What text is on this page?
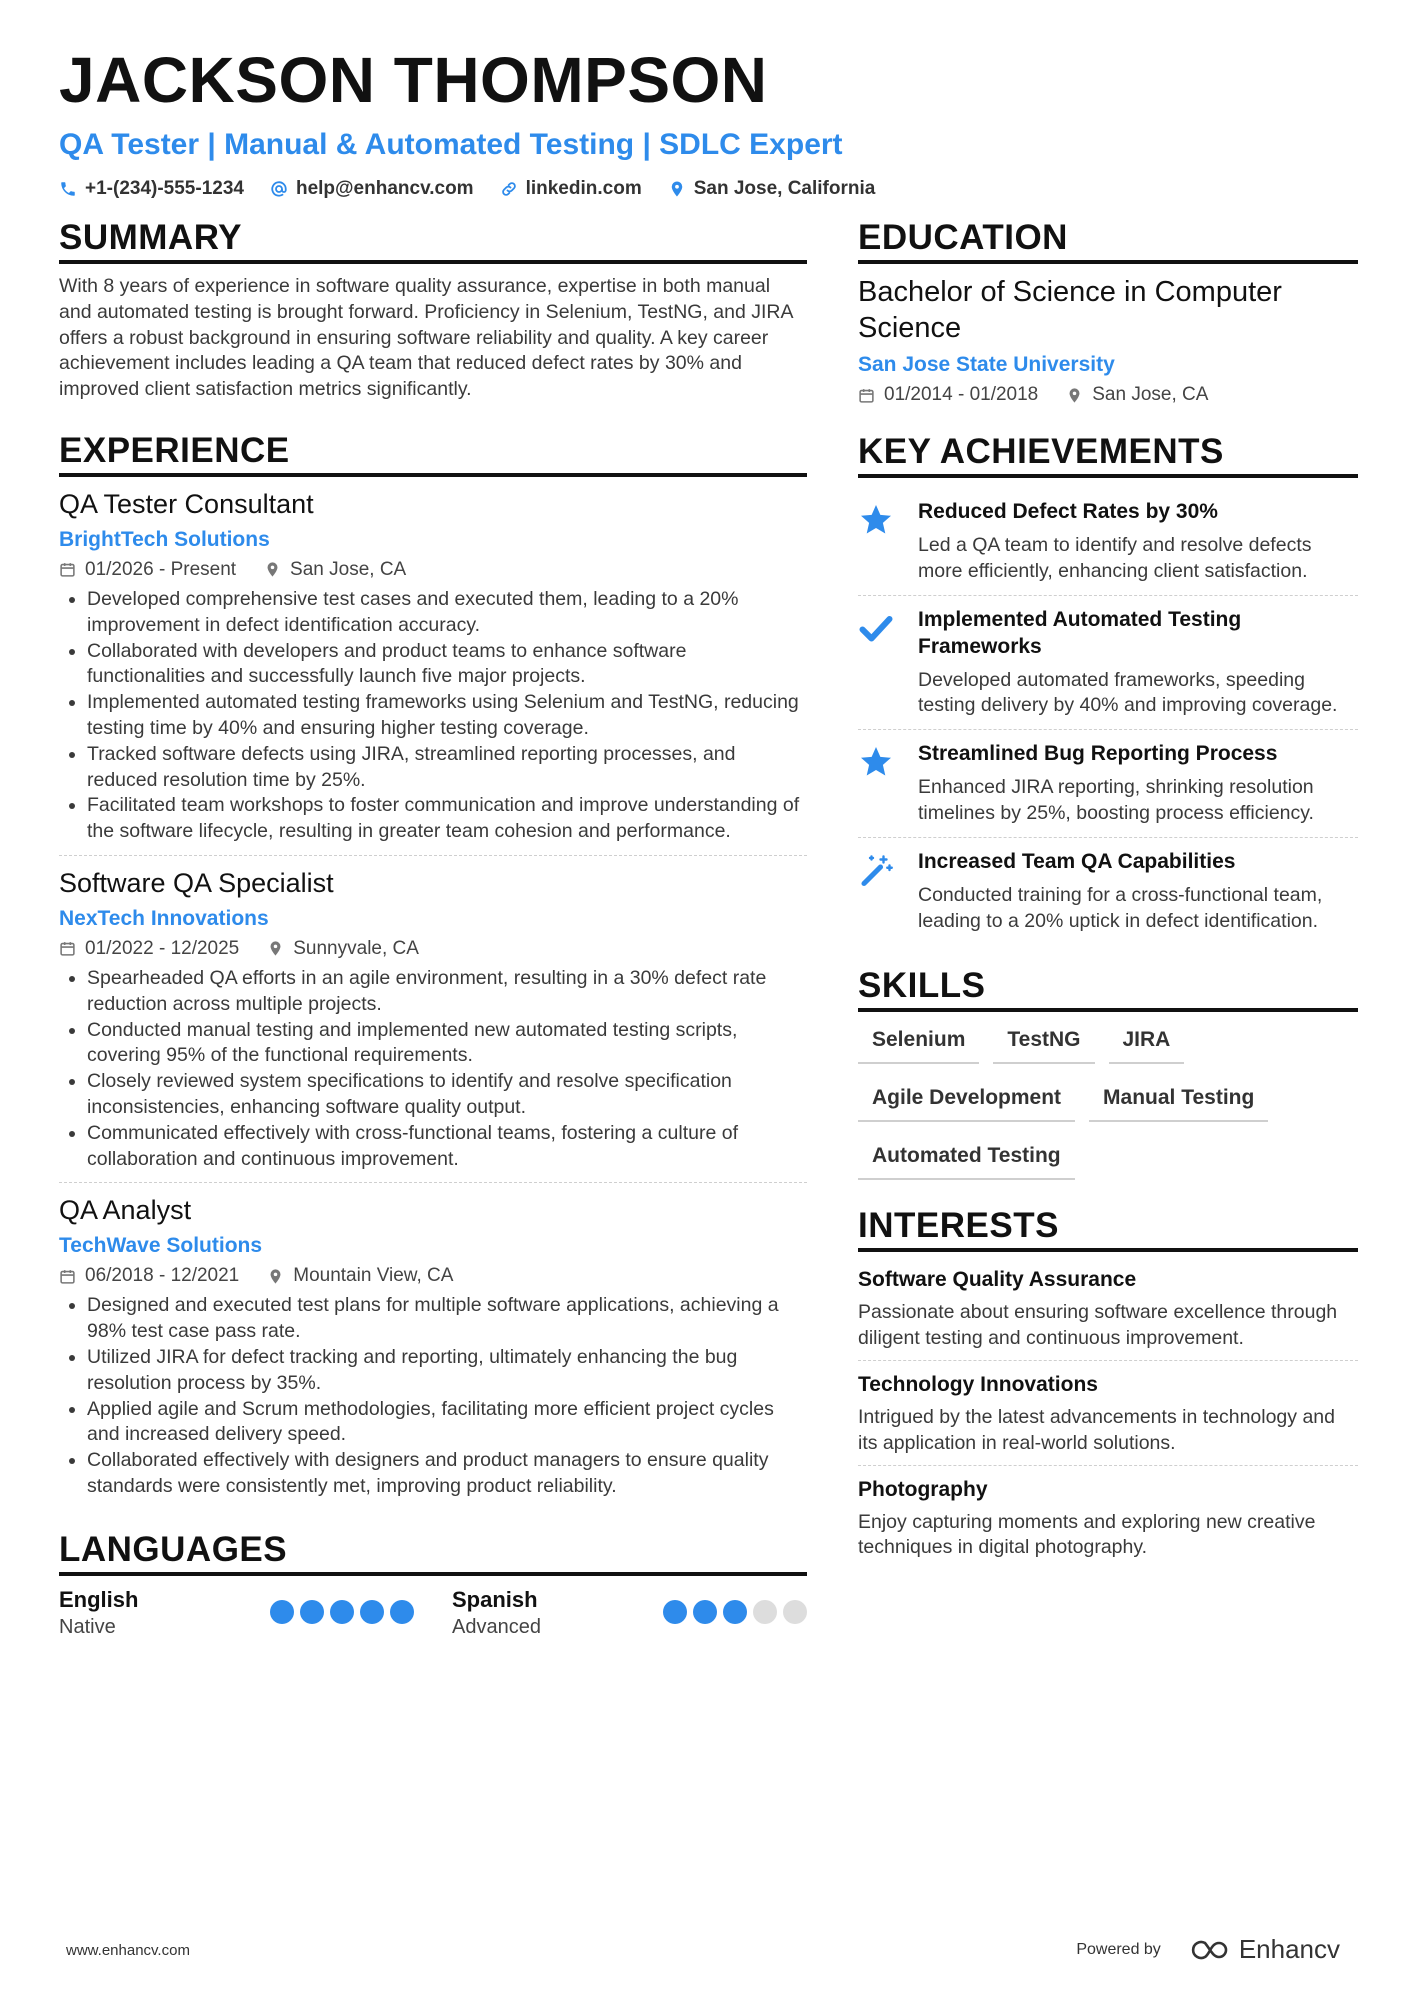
JACKSON THOMPSON
QA Tester | Manual & Automated Testing | SDLC Expert
+1-(234)-555-1234	help@enhancv.com	linkedin.com	San Jose, California
SUMMARY

With 8 years of experience in software quality assurance, expertise in both manual and automated testing is brought forward. Proficiency in Selenium, TestNG, and JIRA offers a robust background in ensuring software reliability and quality. A key career achievement includes leading a QA team that reduced defect rates by 30% and improved client satisfaction metrics significantly.

EXPERIENCE
QA Tester Consultant
BrightTech Solutions
01/2026 - Present	San Jose, CA
• Developed comprehensive test cases and executed them, leading to a 20% improvement in defect identification accuracy.
• Collaborated with developers and product teams to enhance software functionalities and successfully launch five major projects.
• Implemented automated testing frameworks using Selenium and TestNG, reducing testing time by 40% and ensuring higher testing coverage.
• Tracked software defects using JIRA, streamlined reporting processes, and reduced resolution time by 25%.
• Facilitated team workshops to foster communication and improve understanding of the software lifecycle, resulting in greater team cohesion and performance.
Software QA Specialist
NexTech Innovations
01/2022 - 12/2025	Sunnyvale, CA
• Spearheaded QA efforts in an agile environment, resulting in a 30% defect rate reduction across multiple projects.
• Conducted manual testing and implemented new automated testing scripts, covering 95% of the functional requirements.
• Closely reviewed system specifications to identify and resolve specification inconsistencies, enhancing software quality output.
• Communicated effectively with cross-functional teams, fostering a culture of collaboration and continuous improvement.
QA Analyst
TechWave Solutions
06/2018 - 12/2021	Mountain View, CA
• Designed and executed test plans for multiple software applications, achieving a 98% test case pass rate.
• Utilized JIRA for defect tracking and reporting, ultimately enhancing the bug resolution process by 35%.
• Applied agile and Scrum methodologies, facilitating more efficient project cycles and increased delivery speed.
• Collaborated effectively with designers and product managers to ensure quality standards were consistently met, improving product reliability.
LANGUAGES
English
Native
Spanish
Advanced
EDUCATION
Bachelor of Science in Computer Science
San Jose State University
01/2014 - 01/2018	San Jose, CA
KEY ACHIEVEMENTS
Reduced Defect Rates by 30%
Led a QA team to identify and resolve defects more efficiently, enhancing client satisfaction.
Implemented Automated Testing Frameworks
Developed automated frameworks, speeding testing delivery by 40% and improving coverage.
Streamlined Bug Reporting Process
Enhanced JIRA reporting, shrinking resolution timelines by 25%, boosting process efficiency.
Increased Team QA Capabilities
Conducted training for a cross-functional team, leading to a 20% uptick in defect identification.
SKILLS
Selenium	TestNG	JIRA
Agile Development	Manual Testing
Automated Testing
INTERESTS
Software Quality Assurance
Passionate about ensuring software excellence through diligent testing and continuous improvement.
Technology Innovations
Intrigued by the latest advancements in technology and its application in real-world solutions.
Photography
Enjoy capturing moments and exploring new creative techniques in digital photography.
www.enhancv.com	Powered by	Enhancv
